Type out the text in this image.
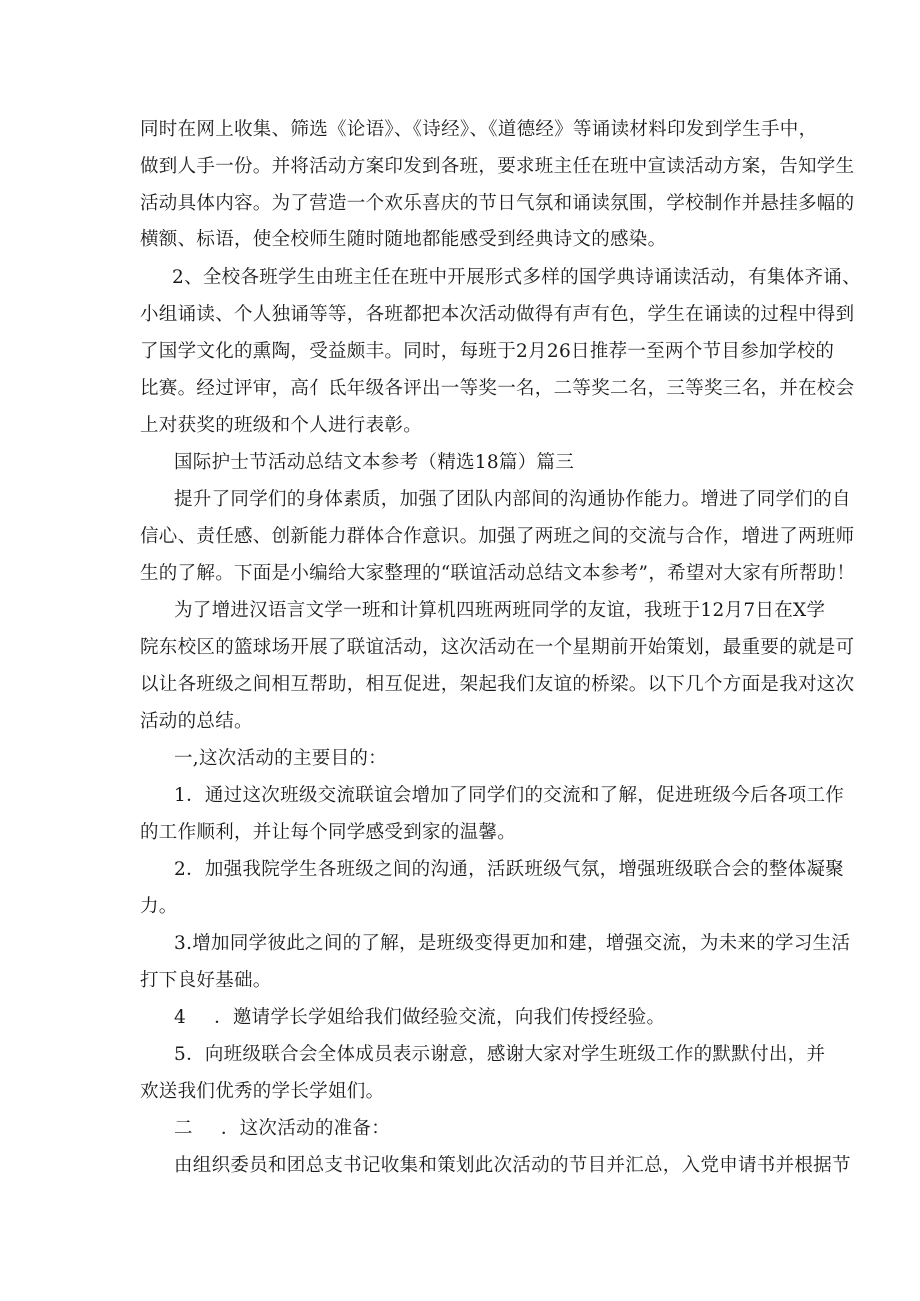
同时在网上收集、筛选《论语》、《诗经》、《道德经》等诵读材料印发到学生手中，
做到人手一份。并将活动方案印发到各班，要求班主任在班中宣读活动方案，告知学生
活动具体内容。为了营造一个欢乐喜庆的节日气氛和诵读氛围，学校制作并悬挂多幅的
横额、标语，使全校师生随时随地都能感受到经典诗文的感染。
2、全校各班学生由班主任在班中开展形式多样的国学典诗诵读活动，有集体齐诵、
小组诵读、个人独诵等等，各班都把本次活动做得有声有色，学生在诵读的过程中得到
了国学文化的熏陶，受益颇丰。同时，每班于2月26日推荐一至两个节目参加学校的
比赛。经过评审，高亻氐年级各评出一等奖一名，二等奖二名，三等奖三名，并在校会
上对获奖的班级和个人进行表彰。
国际护士节活动总结文本参考（精选18篇）篇三
提升了同学们的身体素质，加强了团队内部间的沟通协作能力。增进了同学们的自
信心、责任感、创新能力群体合作意识。加强了两班之间的交流与合作，增进了两班师
生的了解。下面是小编给大家整理的“联谊活动总结文本参考”，希望对大家有所帮助！
为了增进汉语言文学一班和计算机四班两班同学的友谊，我班于12月7日在X学
院东校区的篮球场开展了联谊活动，这次活动在一个星期前开始策划，最重要的就是可
以让各班级之间相互帮助，相互促进，架起我们友谊的桥梁。以下几个方面是我对这次
活动的总结。
一,这次活动的主要目的：
1．通过这次班级交流联谊会增加了同学们的交流和了解，促进班级今后各项工作
的工作顺利，并让每个同学感受到家的温馨。
2．加强我院学生各班级之间的沟通，活跃班级气氛，增强班级联合会的整体凝聚
力。
3.增加同学彼此之间的了解，是班级变得更加和建，增强交流，为未来的学习生活
打下良好基础。
4 ．邀请学长学姐给我们做经验交流，向我们传授经验。
5．向班级联合会全体成员表示谢意，感谢大家对学生班级工作的默默付出，并
欢送我们优秀的学长学姐们。
二 ．这次活动的准备：
由组织委员和团总支书记收集和策划此次活动的节目并汇总，入党申请书并根据节
